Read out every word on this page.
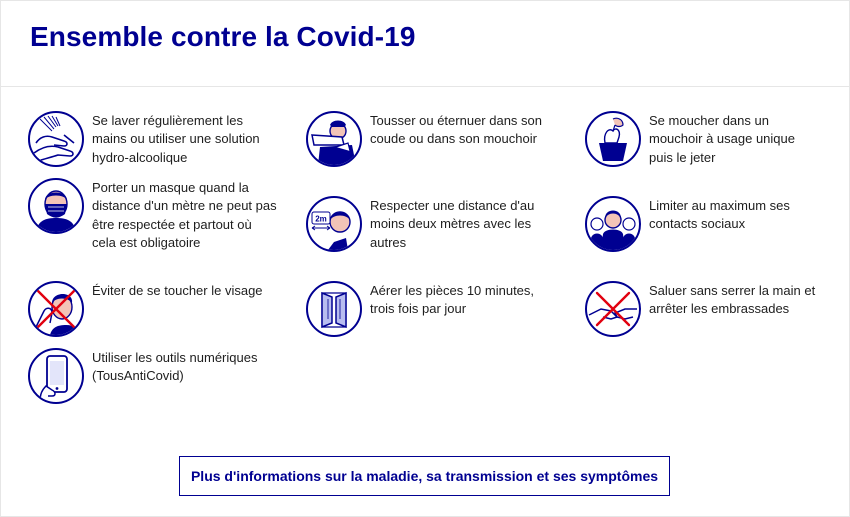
Ensemble contre la Covid-19
Se laver régulièrement les mains ou utiliser une solution hydro-alcoolique
Tousser ou éternuer dans son coude ou dans son mouchoir
Se moucher dans un mouchoir à usage unique puis le jeter
Porter un masque quand la distance d'un mètre ne peut pas être respectée et partout où cela est obligatoire
2m
Respecter une distance d'au moins deux mètres avec les autres
Limiter au maximum ses contacts sociaux
Éviter de se toucher le visage	Aérer les pièces 10 minutes, trois fois par jour
Saluer sans serrer la main et arrêter les embrassades
Utiliser les outils numériques (TousAntiCovid)
Plus d'informations sur la maladie, sa transmission et ses symptômes
